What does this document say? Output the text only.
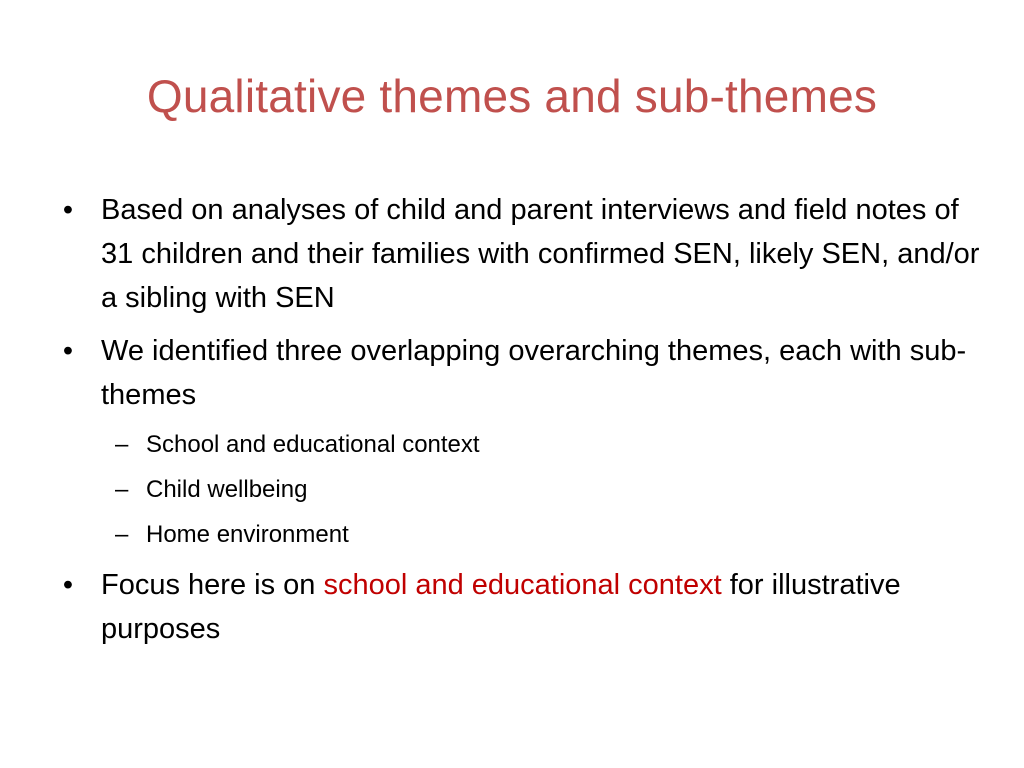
Qualitative themes and sub-themes
• Based on analyses of child and parent interviews and field notes of 31 children and their families with confirmed SEN, likely SEN, and/or a sibling with SEN
• We identified three overlapping overarching themes, each with sub-themes
– School and educational context
– Child wellbeing
– Home environment
• Focus here is on school and educational context for illustrative purposes
